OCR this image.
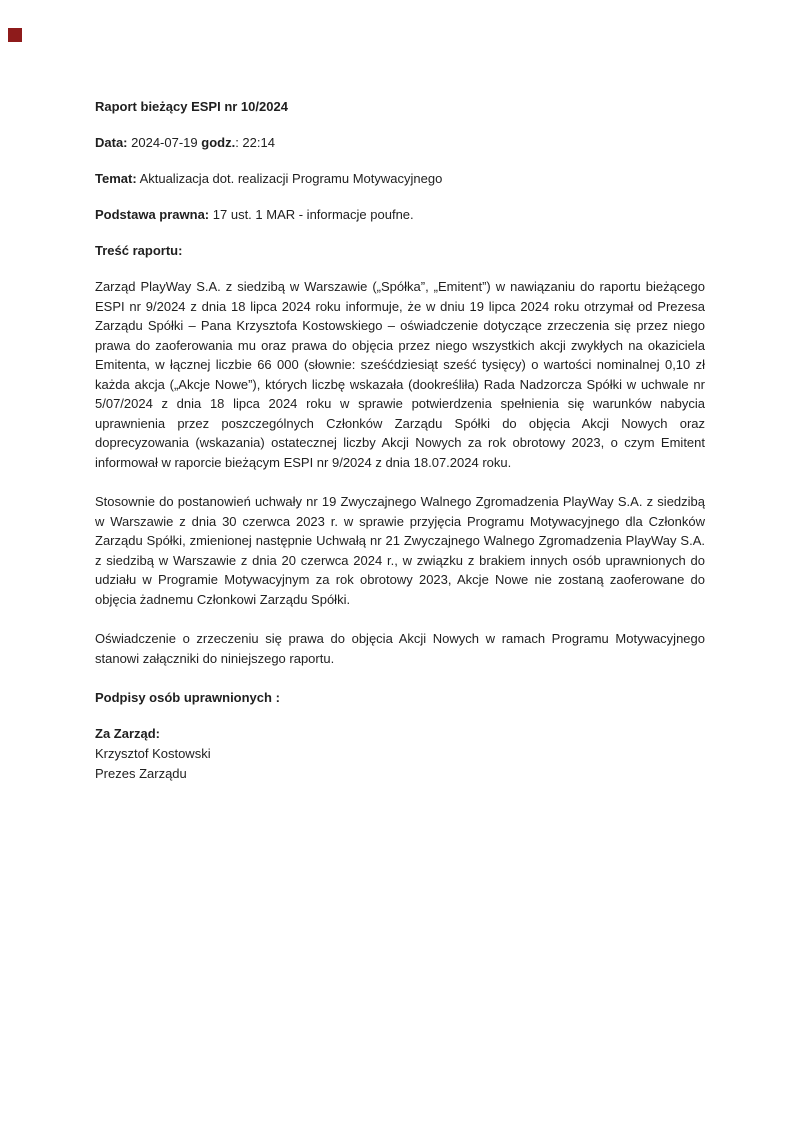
Raport bieżący ESPI nr 10/2024

Data: 2024-07-19 godz.: 22:14

Temat: Aktualizacja dot. realizacji Programu Motywacyjnego

Podstawa prawna: 17 ust. 1 MAR - informacje poufne.

Treść raportu:

Zarząd PlayWay S.A. z siedzibą w Warszawie („Spółka”, „Emitent”) w nawiązaniu do raportu bieżącego ESPI nr 9/2024 z dnia 18 lipca 2024 roku informuje, że w dniu 19 lipca 2024 roku otrzymał od Prezesa Zarządu Spółki – Pana Krzysztofa Kostowskiego – oświadczenie dotyczące zrzeczenia się przez niego prawa do zaoferowania mu oraz prawa do objęcia przez niego wszystkich akcji zwykłych na okaziciela Emitenta, w łącznej liczbie 66 000 (słownie: sześćdziesiąt sześć tysięcy) o wartości nominalnej 0,10 zł każda akcja („Akcje Nowe”), których liczbę wskazała (dookreśliła) Rada Nadzorcza Spółki w uchwale nr 5/07/2024 z dnia 18 lipca 2024 roku w sprawie potwierdzenia spełnienia się warunków nabycia uprawnienia przez poszczególnych Członków Zarządu Spółki do objęcia Akcji Nowych oraz doprecyzowania (wskazania) ostatecznej liczby Akcji Nowych za rok obrotowy 2023, o czym Emitent informował w raporcie bieżącym ESPI nr 9/2024 z dnia 18.07.2024 roku.

Stosownie do postanowień uchwały nr 19 Zwyczajnego Walnego Zgromadzenia PlayWay S.A. z siedzibą w Warszawie z dnia 30 czerwca 2023 r. w sprawie przyjęcia Programu Motywacyjnego dla Członków Zarządu Spółki, zmienionej następnie Uchwałą nr 21 Zwyczajnego Walnego Zgromadzenia PlayWay S.A. z siedzibą w Warszawie z dnia 20 czerwca 2024 r., w związku z brakiem innych osób uprawnionych do udziału w Programie Motywacyjnym za rok obrotowy 2023, Akcje Nowe nie zostaną zaoferowane do objęcia żadnemu Członkowi Zarządu Spółki.

Oświadczenie o zrzeczeniu się prawa do objęcia Akcji Nowych w ramach Programu Motywacyjnego stanowi załączniki do niniejszego raportu.

Podpisy osób uprawnionych :

Za Zarząd:

Krzysztof Kostowski

Prezes Zarządu
